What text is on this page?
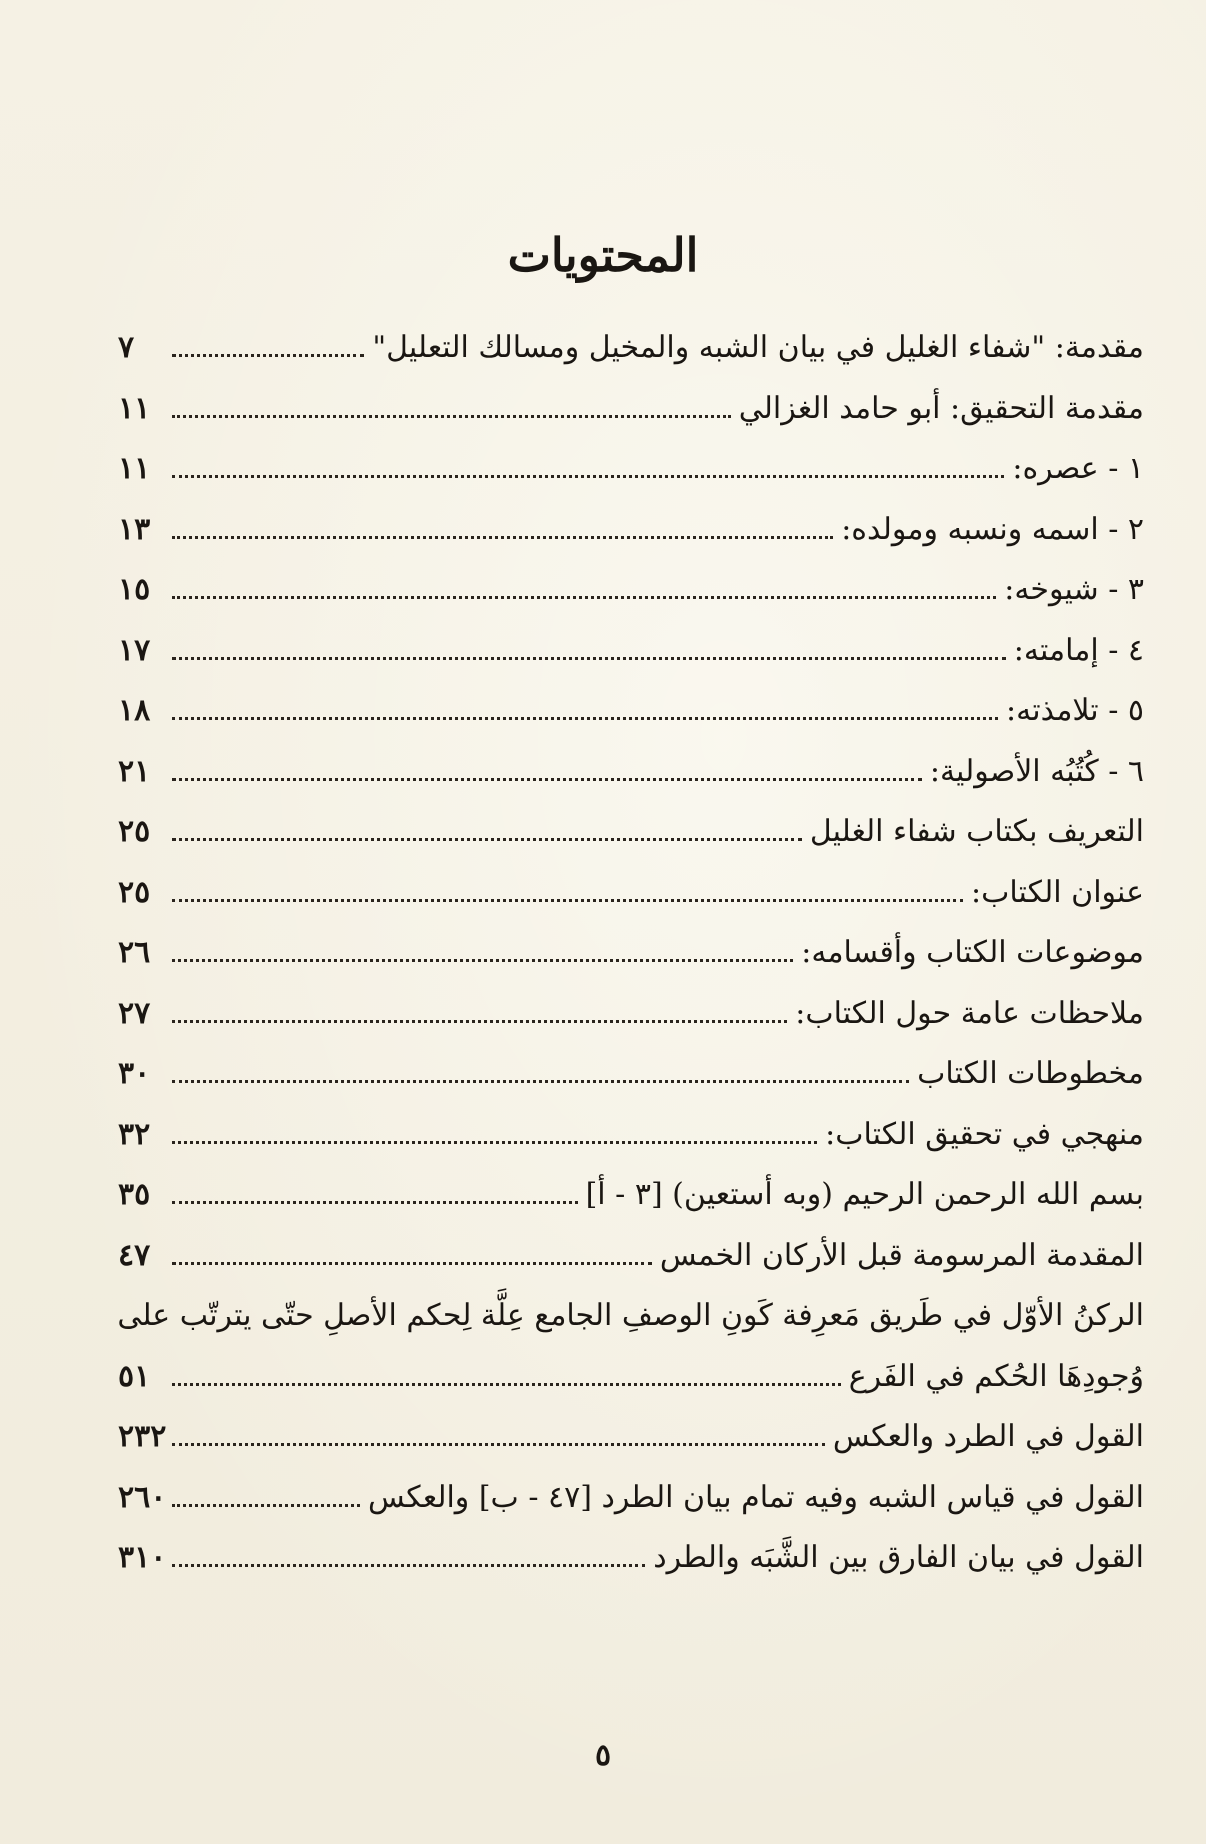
المحتويات
مقدمة: "شفاء الغليل في بيان الشبه والمخيل ومسالك التعليل"
٧
مقدمة التحقيق: أبو حامد الغزالي
١١
١ - عصره:
١١
٢ - اسمه ونسبه ومولده:
١٣
٣ - شيوخه:
١٥
٤ - إمامته:
١٧
٥ - تلامذته:
١٨
٦ - كُتُبُه الأصولية:
٢١
التعريف بكتاب شفاء الغليل
٢٥
عنوان الكتاب:
٢٥
موضوعات الكتاب وأقسامه:
٢٦
ملاحظات عامة حول الكتاب:
٢٧
مخطوطات الكتاب
٣٠
منهجي في تحقيق الكتاب:
٣٢
بسم الله الرحمن الرحيم (وبه أستعين) [٣ - أ]
٣٥
المقدمة المرسومة قبل الأركان الخمس
٤٧
الركنُ الأوّل في طَريق مَعرِفة كَونِ الوصفِ الجامع عِلَّة لِحكم الأصلِ حتّى يترتّب على
وُجودِهَا الحُكم في الفَرع
٥١
القول في الطرد والعكس
٢٣٢
القول في قياس الشبه وفيه تمام بيان الطرد [٤٧ - ب] والعكس
٢٦٠
القول في بيان الفارق بين الشَّبَه والطرد
٣١٠
٥
